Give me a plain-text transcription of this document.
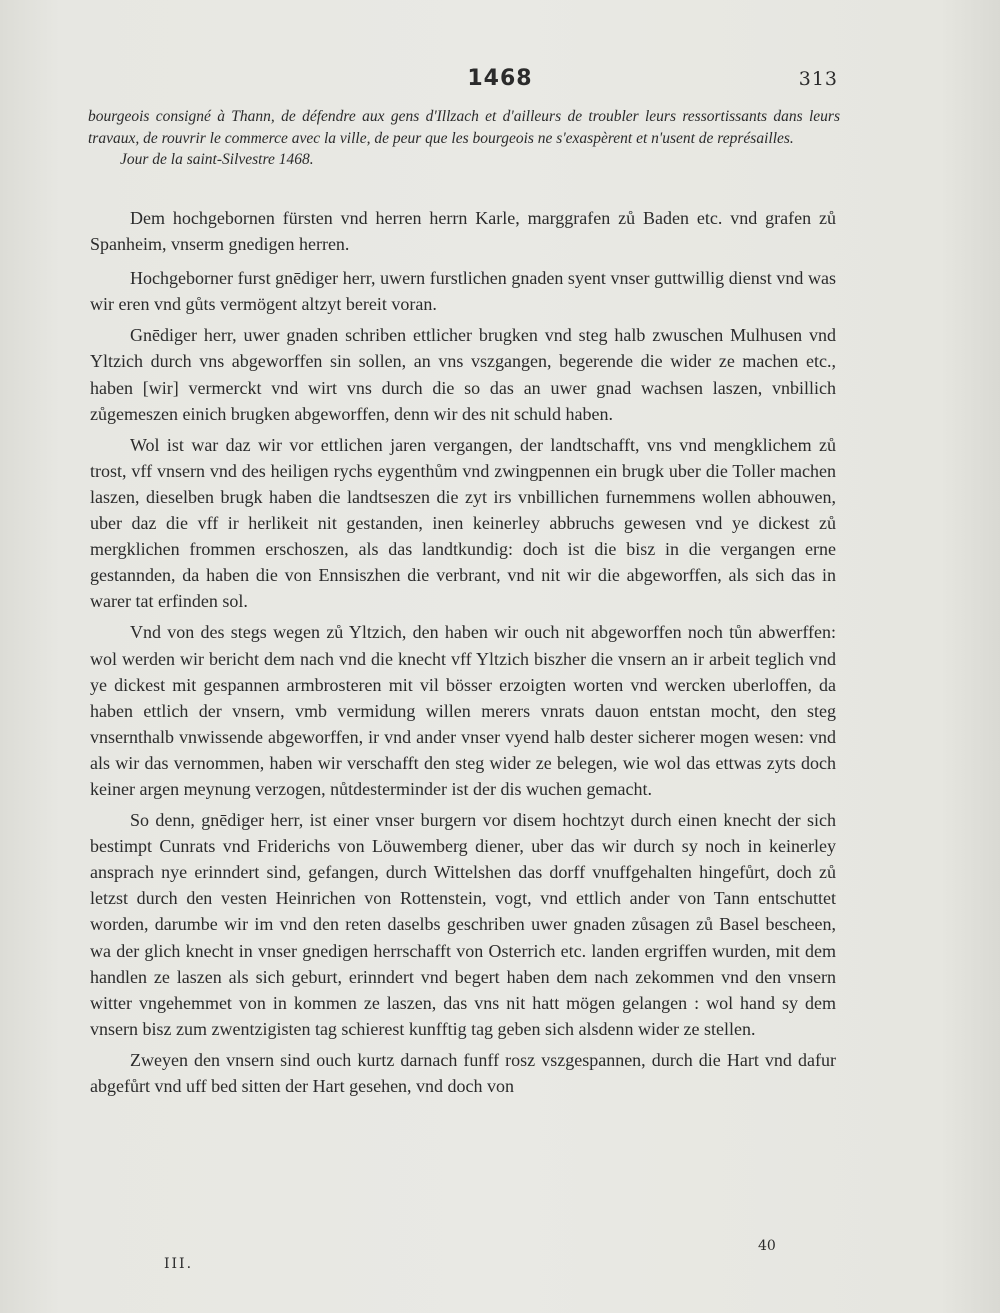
1468	313

bourgeois consigné à Thann, de défendre aux gens d'Illzach et d'ailleurs de troubler leurs ressortissants dans leurs travaux, de rouvrir le commerce avec la ville, de peur que les bourgeois ne s'exaspèrent et n'usent de représailles.

Jour de la saint-Silvestre 1468.

Dem hochgebornen fürsten vnd herren herrn Karle, marggrafen zů Baden etc. vnd grafen zů Spanheim, vnserm gnedigen herren.

Hochgeborner furst gnēdiger herr, uwern furstlichen gnaden syent vnser guttwillig dienst vnd was wir eren vnd gůts vermögent altzyt bereit voran.

Gnēdiger herr, uwer gnaden schriben ettlicher brugken vnd steg halb zwuschen Mulhusen vnd Yltzich durch vns abgeworffen sin sollen, an vns vszgangen, begerende die wider ze machen etc., haben [wir] vermerckt vnd wirt vns durch die so das an uwer gnad wachsen laszen, vnbillich zůgemeszen einich brugken abgeworffen, denn wir des nit schuld haben.

Wol ist war daz wir vor ettlichen jaren vergangen, der landtschafft, vns vnd mengklichem zů trost, vff vnsern vnd des heiligen rychs eygenthům vnd zwingpennen ein brugk uber die Toller machen laszen, dieselben brugk haben die landtseszen die zyt irs vnbillichen furnemmens wollen abhouwen, uber daz die vff ir herlikeit nit gestanden, inen keinerley abbruchs gewesen vnd ye dickest zů mergklichen frommen erschoszen, als das landtkundig: doch ist die bisz in die vergangen erne gestannden, da haben die von Ennsiszhen die verbrant, vnd nit wir die abgeworffen, als sich das in warer tat erfinden sol.

Vnd von des stegs wegen zů Yltzich, den haben wir ouch nit abgeworffen noch tůn abwerffen: wol werden wir bericht dem nach vnd die knecht vff Yltzich biszher die vnsern an ir arbeit teglich vnd ye dickest mit gespannen armbrosteren mit vil bösser erzoigten worten vnd wercken uberloffen, da haben ettlich der vnsern, vmb vermidung willen merers vnrats dauon entstan mocht, den steg vnsernthalb vnwissende abgeworffen, ir vnd ander vnser vyend halb dester sicherer mogen wesen: vnd als wir das vernommen, haben wir verschafft den steg wider ze belegen, wie wol das ettwas zyts doch keiner argen meynung verzogen, nůtdesterminder ist der dis wuchen gemacht.

So denn, gnēdiger herr, ist einer vnser burgern vor disem hochtzyt durch einen knecht der sich bestimpt Cunrats vnd Friderichs von Löuwemberg diener, uber das wir durch sy noch in keinerley ansprach nye erinndert sind, gefangen, durch Wittelshen das dorff vnuffgehalten hingefůrt, doch zů letzst durch den vesten Heinrichen von Rottenstein, vogt, vnd ettlich ander von Tann entschuttet worden, darumbe wir im vnd den reten daselbs geschriben uwer gnaden zůsagen zů Basel bescheen, wa der glich knecht in vnser gnedigen herrschafft von Osterrich etc. landen ergriffen wurden, mit dem handlen ze laszen als sich geburt, erinndert vnd begert haben dem nach zekommen vnd den vnsern witter vngehemmet von in kommen ze laszen, das vns nit hatt mögen gelangen : wol hand sy dem vnsern bisz zum zwentzigisten tag schierest kunfftig tag geben sich alsdenn wider ze stellen.

Zweyen den vnsern sind ouch kurtz darnach funff rosz vszgespannen, durch die Hart vnd dafur abgefůrt vnd uff bed sitten der Hart gesehen, vnd doch von

40
III.
